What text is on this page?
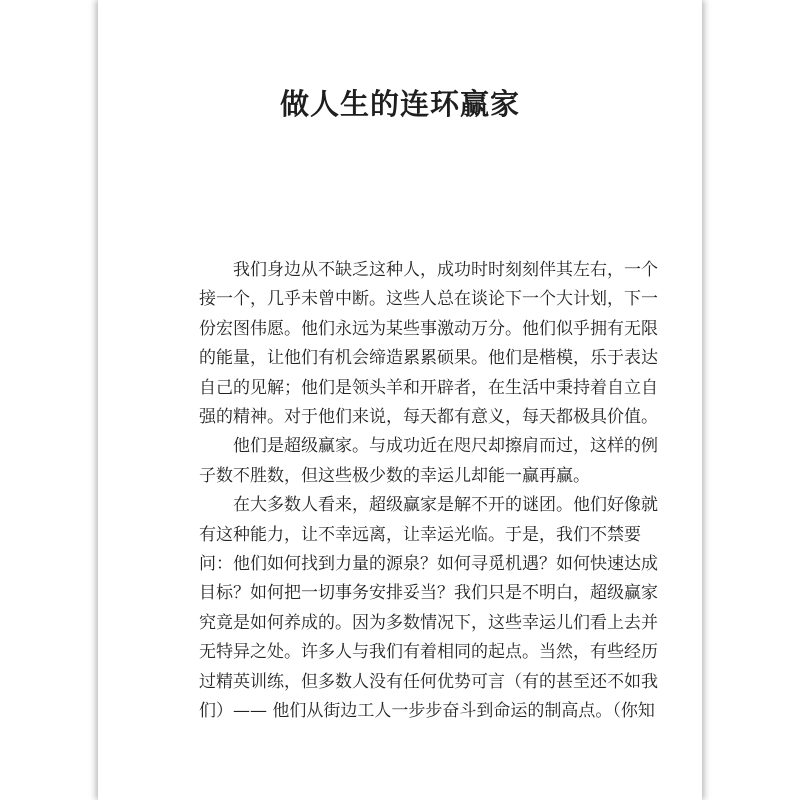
做人生的连环赢家

我们身边从不缺乏这种人，成功时时刻刻伴其左右，一个
接一个，几乎未曾中断。这些人总在谈论下一个大计划，下一
份宏图伟愿。他们永远为某些事激动万分。他们似乎拥有无限
的能量，让他们有机会缔造累累硕果。他们是楷模，乐于表达
自己的见解；他们是领头羊和开辟者，在生活中秉持着自立自
强的精神。对于他们来说，每天都有意义，每天都极具价值。

他们是超级赢家。与成功近在咫尺却擦肩而过，这样的例
子数不胜数，但这些极少数的幸运儿却能一赢再赢。

在大多数人看来，超级赢家是解不开的谜团。他们好像就
有这种能力，让不幸远离，让幸运光临。于是，我们不禁要
问：他们如何找到力量的源泉？如何寻觅机遇？如何快速达成
目标？如何把一切事务安排妥当？我们只是不明白，超级赢家
究竟是如何养成的。因为多数情况下，这些幸运儿们看上去并
无特异之处。许多人与我们有着相同的起点。当然，有些经历
过精英训练，但多数人没有任何优势可言（有的甚至还不如我
们）—— 他们从街边工人一步步奋斗到命运的制高点。（你知
